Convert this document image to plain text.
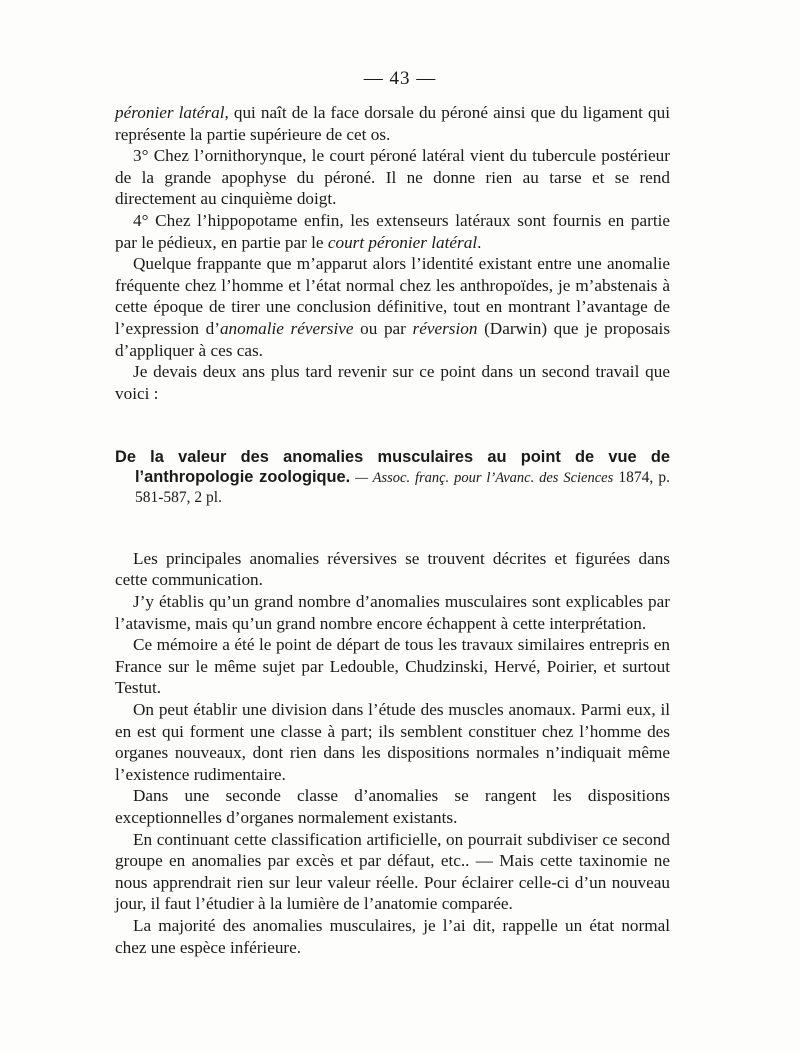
— 43 —

péronier latéral, qui naît de la face dorsale du péroné ainsi que du ligament qui représente la partie supérieure de cet os.

3° Chez l’ornithorynque, le court péroné latéral vient du tubercule postérieur de la grande apophyse du péroné. Il ne donne rien au tarse et se rend directement au cinquième doigt.

4° Chez l’hippopotame enfin, les extenseurs latéraux sont fournis en partie par le pédieux, en partie par le court péronier latéral.

Quelque frappante que m’apparut alors l’identité existant entre une anomalie fréquente chez l’homme et l’état normal chez les anthropoïdes, je m’abstenais à cette époque de tirer une conclusion définitive, tout en montrant l’avantage de l’expression d’anomalie réversive ou par réversion (Darwin) que je proposais d’appliquer à ces cas.

Je devais deux ans plus tard revenir sur ce point dans un second travail que voici :

De la valeur des anomalies musculaires au point de vue de l’anthropologie zoologique. — Assoc. franç. pour l’Avanc. des Sciences 1874, p. 581-587, 2 pl.

Les principales anomalies réversives se trouvent décrites et figurées dans cette communication.

J’y établis qu’un grand nombre d’anomalies musculaires sont explicables par l’atavisme, mais qu’un grand nombre encore échappent à cette interprétation.

Ce mémoire a été le point de départ de tous les travaux similaires entrepris en France sur le même sujet par Ledouble, Chudzinski, Hervé, Poirier, et surtout Testut.

On peut établir une division dans l’étude des muscles anomaux. Parmi eux, il en est qui forment une classe à part; ils semblent constituer chez l’homme des organes nouveaux, dont rien dans les dispositions normales n’indiquait même l’existence rudimentaire.

Dans une seconde classe d’anomalies se rangent les dispositions exceptionnelles d’organes normalement existants.

En continuant cette classification artificielle, on pourrait subdiviser ce second groupe en anomalies par excès et par défaut, etc.. — Mais cette taxinomie ne nous apprendrait rien sur leur valeur réelle. Pour éclairer celle-ci d’un nouveau jour, il faut l’étudier à la lumière de l’anatomie comparée.

La majorité des anomalies musculaires, je l’ai dit, rappelle un état normal chez une espèce inférieure.
